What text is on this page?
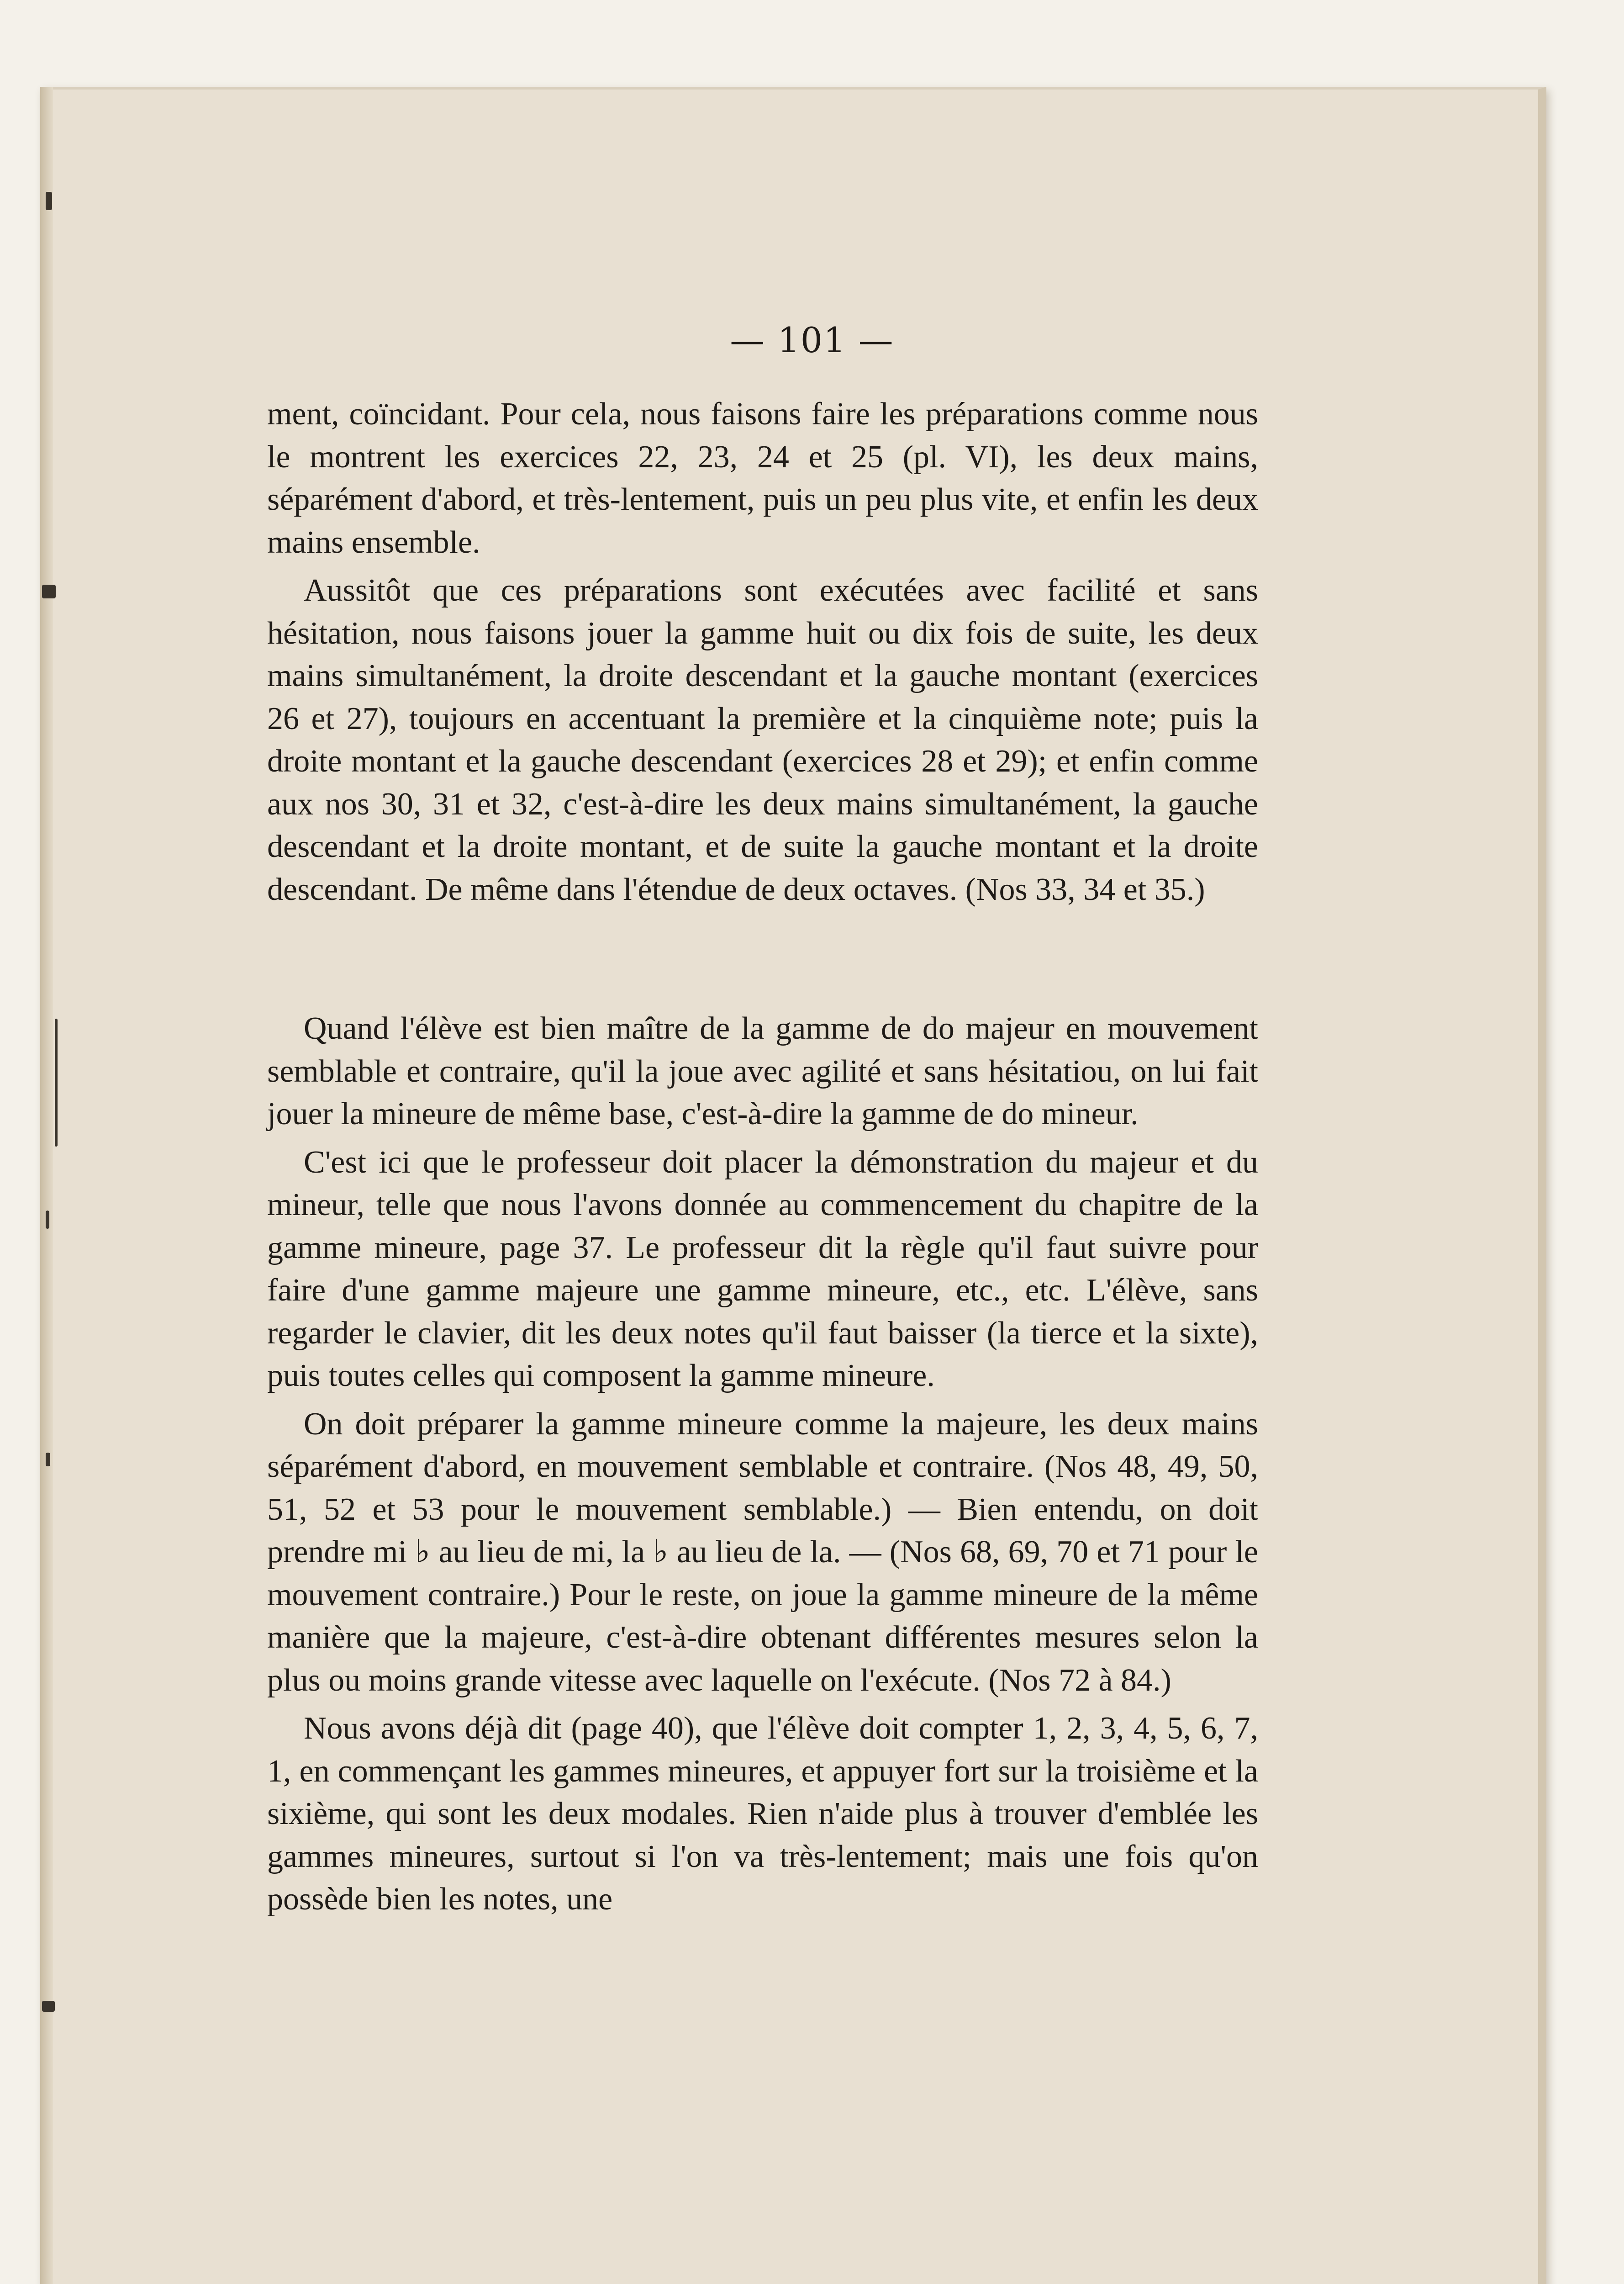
— 101 —

ment, coïncidant. Pour cela, nous faisons faire les préparations comme nous le montrent les exercices 22, 23, 24 et 25 (pl. VI), les deux mains, séparément d'abord, et très-lentement, puis un peu plus vite, et enfin les deux mains ensemble.

Aussitôt que ces préparations sont exécutées avec facilité et sans hésitation, nous faisons jouer la gamme huit ou dix fois de suite, les deux mains simultanément, la droite descendant et la gauche montant (exercices 26 et 27), toujours en accentuant la première et la cinquième note; puis la droite montant et la gauche descendant (exercices 28 et 29); et enfin comme aux nos 30, 31 et 32, c'est-à-dire les deux mains simultanément, la gauche descendant et la droite montant, et de suite la gauche montant et la droite descendant. De même dans l'étendue de deux octaves. (Nos 33, 34 et 35.)

Quand l'élève est bien maître de la gamme de do majeur en mouvement semblable et contraire, qu'il la joue avec agilité et sans hésitatiou, on lui fait jouer la mineure de même base, c'est-à-dire la gamme de do mineur.

C'est ici que le professeur doit placer la démonstration du majeur et du mineur, telle que nous l'avons donnée au commencement du chapitre de la gamme mineure, page 37. Le professeur dit la règle qu'il faut suivre pour faire d'une gamme majeure une gamme mineure, etc., etc. L'élève, sans regarder le clavier, dit les deux notes qu'il faut baisser (la tierce et la sixte), puis toutes celles qui composent la gamme mineure.

On doit préparer la gamme mineure comme la majeure, les deux mains séparément d'abord, en mouvement semblable et contraire. (Nos 48, 49, 50, 51, 52 et 53 pour le mouvement semblable.) — Bien entendu, on doit prendre mi ♭ au lieu de mi, la ♭ au lieu de la. — (Nos 68, 69, 70 et 71 pour le mouvement contraire.) Pour le reste, on joue la gamme mineure de la même manière que la majeure, c'est-à-dire obtenant différentes mesures selon la plus ou moins grande vitesse avec laquelle on l'exécute. (Nos 72 à 84.)

Nous avons déjà dit (page 40), que l'élève doit compter 1, 2, 3, 4, 5, 6, 7, 1, en commençant les gammes mineures, et appuyer fort sur la troisième et la sixième, qui sont les deux modales. Rien n'aide plus à trouver d'emblée les gammes mineures, surtout si l'on va très-lentement; mais une fois qu'on possède bien les notes, une
